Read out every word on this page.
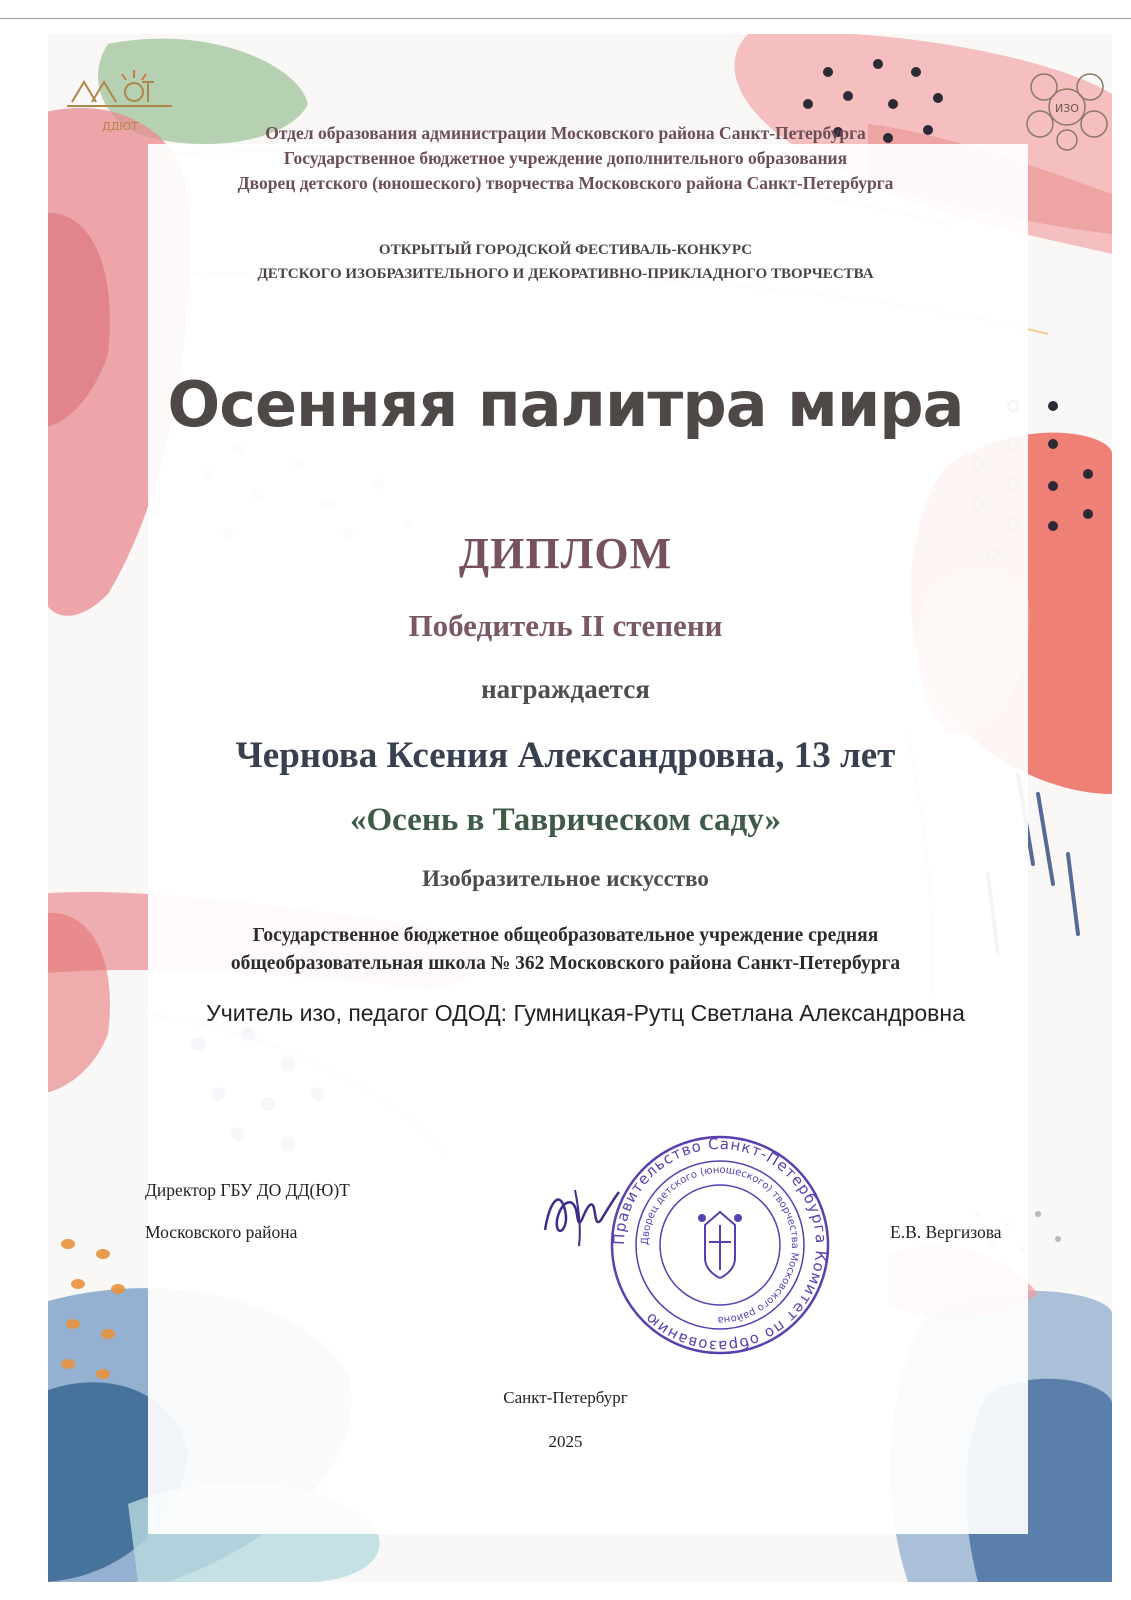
ДДЮТ
ИЗО
Отдел образования администрации Московского района Санкт-Петербурга
Государственное бюджетное учреждение дополнительного образования
Дворец детского (юношеского) творчества Московского района Санкт-Петербурга
ОТКРЫТЫЙ ГОРОДСКОЙ ФЕСТИВАЛЬ-КОНКУРС
ДЕТСКОГО ИЗОБРАЗИТЕЛЬНОГО И ДЕКОРАТИВНО-ПРИКЛАДНОГО ТВОРЧЕСТВА
Осенняя палитра мира
ДИПЛОМ
Победитель II степени
награждается
Чернова Ксения Александровна, 13 лет
«Осень в Таврическом саду»
Изобразительное искусство
Государственное бюджетное общеобразовательное учреждение средняя
общеобразовательная школа № 362 Московского района Санкт-Петербурга
Учитель изо, педагог ОДОД: Гумницкая-Рутц Светлана Александровна
Директор ГБУ ДО ДД(Ю)Т
Московского района	Е.В. Вергизова
Правительство Санкт-Петербурга Комитет по образованию
Дворец детского (юношеского) творчества Московского района
Санкт-Петербург
2025
